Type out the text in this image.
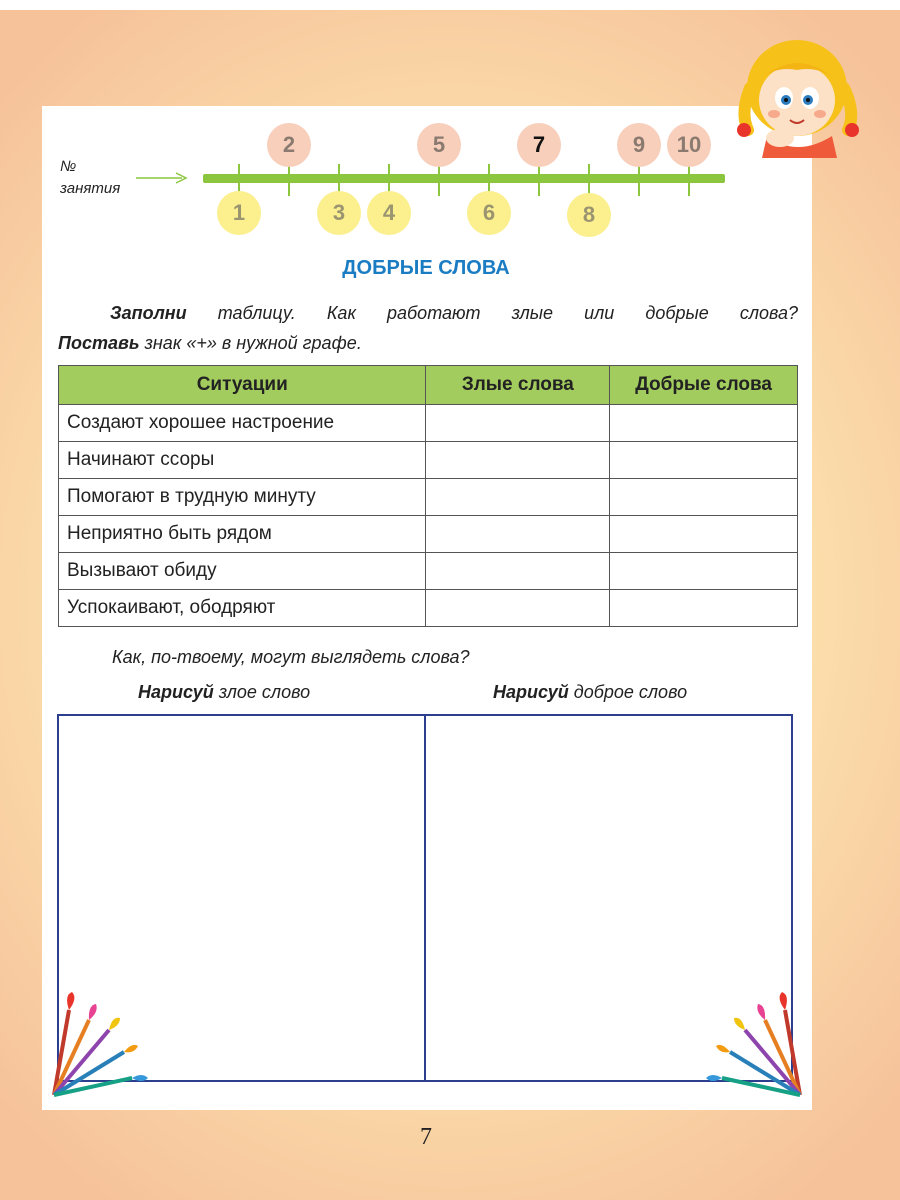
№
занятия
2	5	7	9	10
1	3	4	6	8
ДОБРЫЕ СЛОВА
Заполни таблицу. Как работают злые или добрые слова?
Поставь знак «+» в нужной графе.
Ситуации	Злые слова	Добрые слова
Создают хорошее настроение		
Начинают ссоры		
Помогают в трудную минуту		
Неприятно быть рядом		
Вызывают обиду		
Успокаивают, ободряют		
Как, по-твоему, могут выглядеть слова?
Нарисуй злое слово	Нарисуй доброе слово
7
